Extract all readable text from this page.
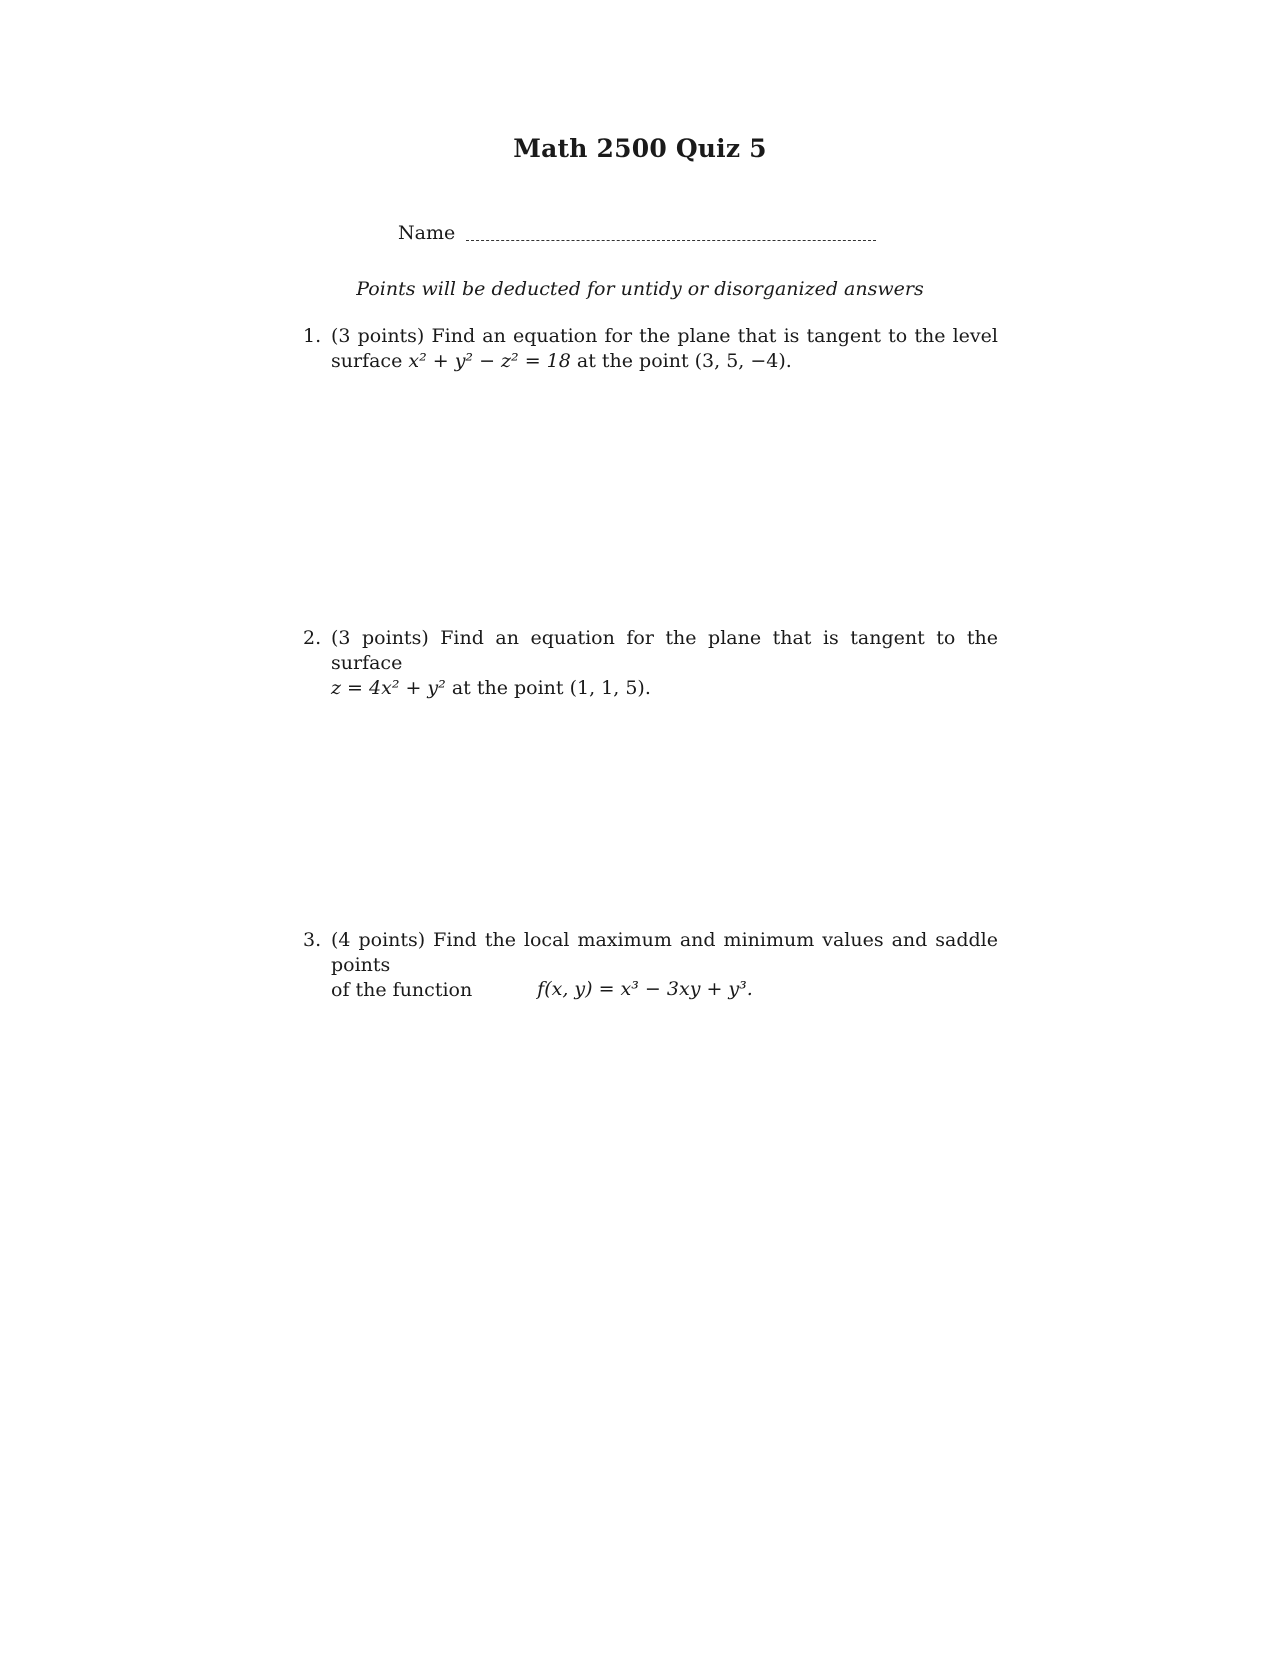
Math 2500 Quiz 5
Name
Points will be deducted for untidy or disorganized answers
1. (3 points) Find an equation for the plane that is tangent to the level
surface x² + y² − z² = 18 at the point (3, 5, −4).
2. (3 points) Find an equation for the plane that is tangent to the surface
z = 4x² + y² at the point (1, 1, 5).
3. (4 points) Find the local maximum and minimum values and saddle points
of the function	f(x, y) = x³ − 3xy + y³.
